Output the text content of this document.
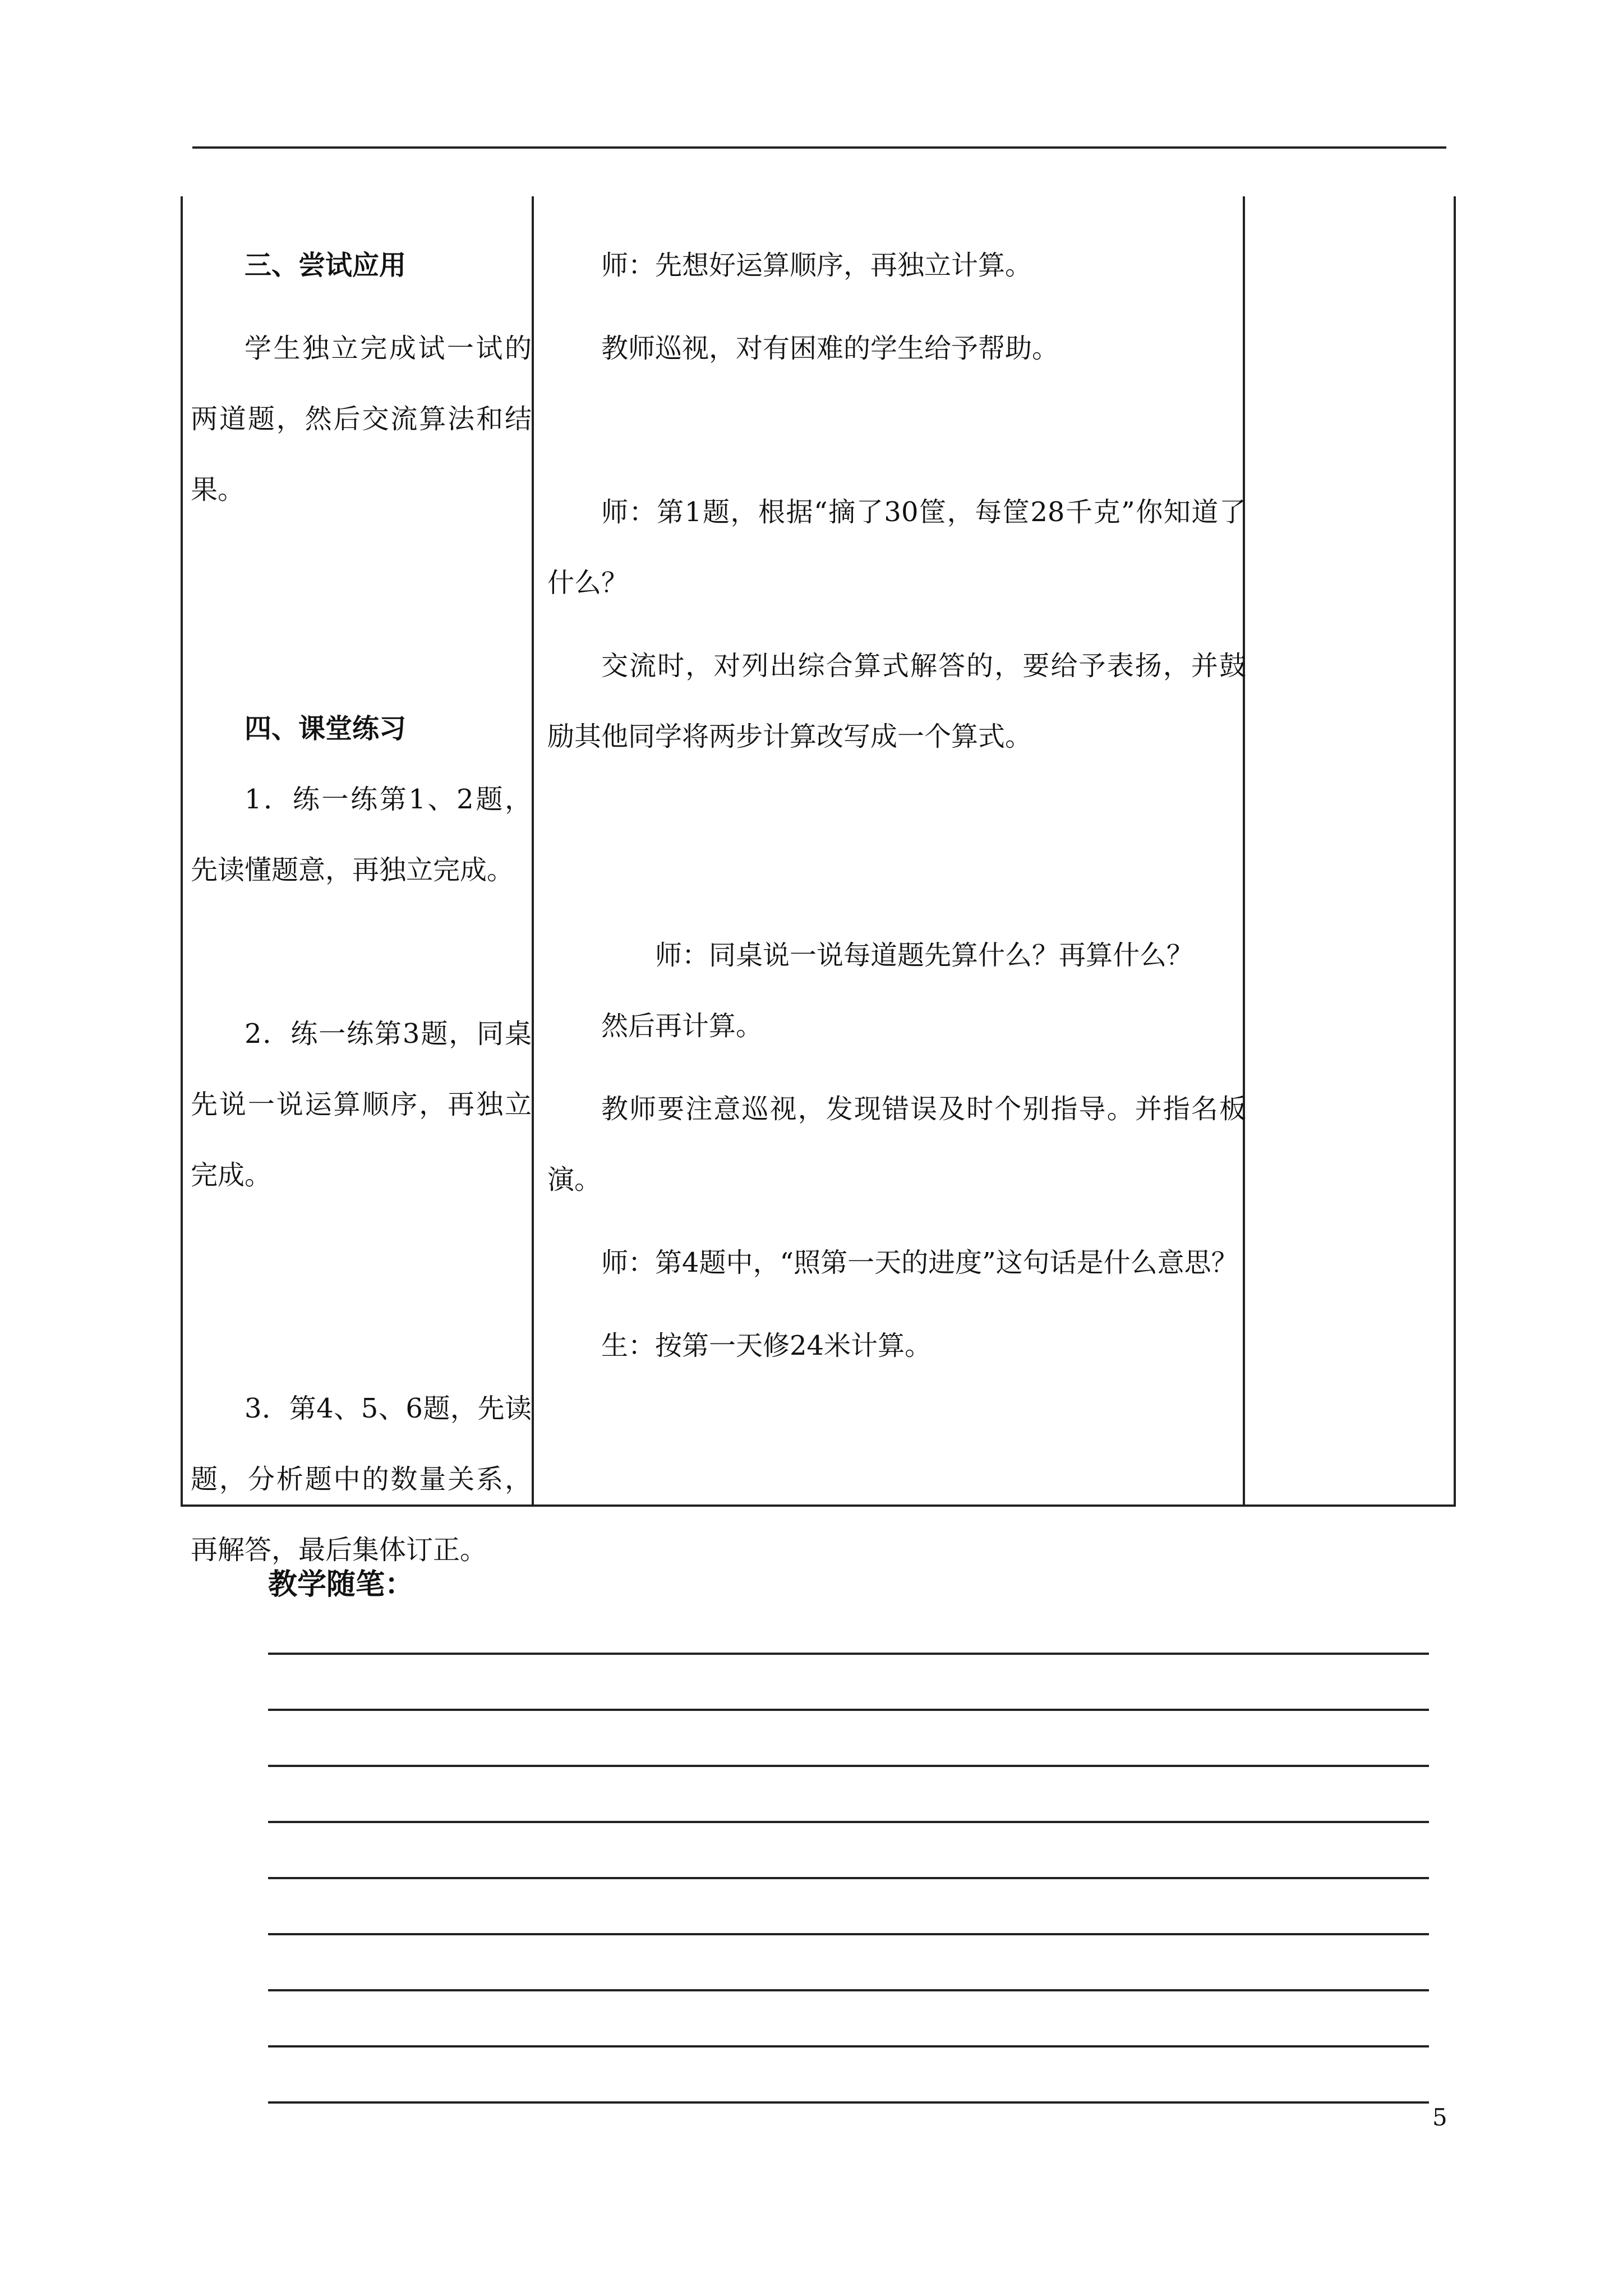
三、尝试应用

学生独立完成试一试的两道题，然后交流算法和结果。

四、课堂练习

1．练一练第1、2题，先读懂题意，再独立完成。

2．练一练第3题，同桌先说一说运算顺序，再独立完成。

3．第4、5、6题，先读题，分析题中的数量关系，再解答，最后集体订正。

师：先想好运算顺序，再独立计算。

教师巡视，对有困难的学生给予帮助。

师：第1题，根据“摘了30筐，每筐28千克”你知道了什么？

交流时，对列出综合算式解答的，要给予表扬，并鼓励其他同学将两步计算改写成一个算式。

师：同桌说一说每道题先算什么？再算什么？

然后再计算。

教师要注意巡视，发现错误及时个别指导。并指名板演。

师：第4题中，“照第一天的进度”这句话是什么意思？

生：按第一天修24米计算。

教学随笔：
5
